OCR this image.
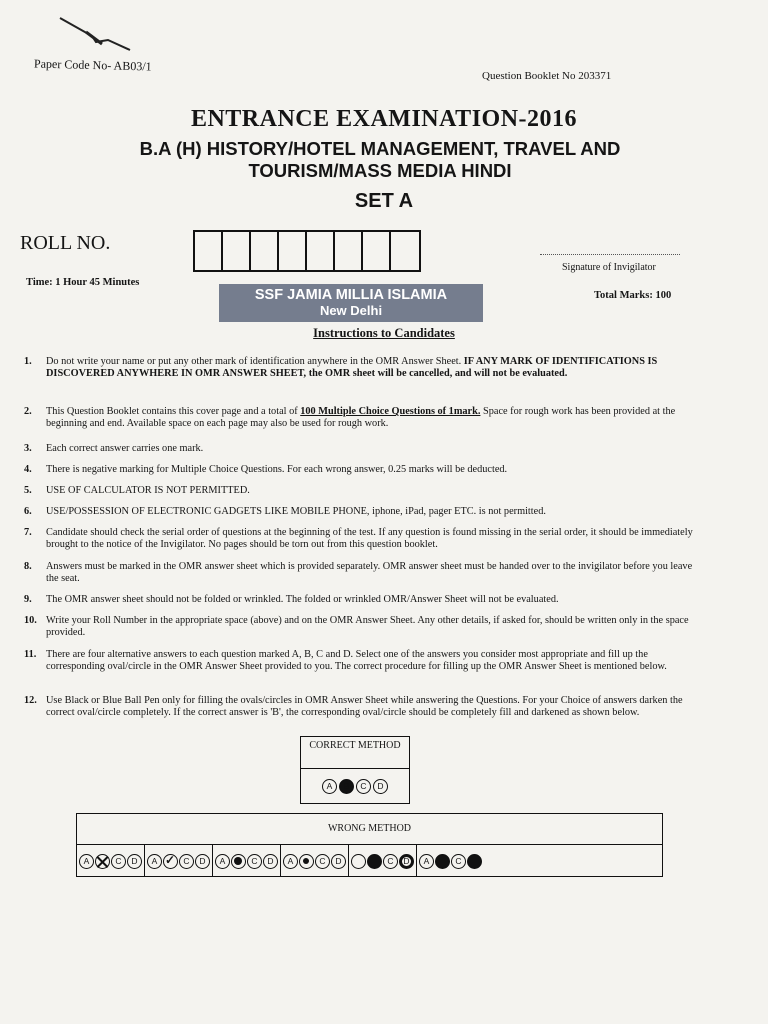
Paper Code No- AB03/1
Question Booklet No 203371
ENTRANCE EXAMINATION-2016
B.A (H) HISTORY/HOTEL MANAGEMENT, TRAVEL AND TOURISM/MASS MEDIA HINDI
SET A
ROLL NO.
Signature of Invigilator
Time: 1 Hour 45 Minutes
Total Marks: 100
SSF JAMIA MILLIA ISLAMIA
New Delhi
Instructions to Candidates
1.	Do not write your name or put any other mark of identification anywhere in the OMR Answer Sheet. IF ANY MARK OF IDENTIFICATIONS IS DISCOVERED ANYWHERE IN OMR ANSWER SHEET, the OMR sheet will be cancelled, and will not be evaluated.
2.	This Question Booklet contains this cover page and a total of 100 Multiple Choice Questions of 1mark. Space for rough work has been provided at the beginning and end. Available space on each page may also be used for rough work.
3.	Each correct answer carries one mark.
4.	There is negative marking for Multiple Choice Questions. For each wrong answer, 0.25 marks will be deducted.
5.	USE OF CALCULATOR IS NOT PERMITTED.
6.	USE/POSSESSION OF ELECTRONIC GADGETS LIKE MOBILE PHONE, iphone, iPad, pager ETC. is not permitted.
7.	Candidate should check the serial order of questions at the beginning of the test. If any question is found missing in the serial order, it should be immediately brought to the notice of the Invigilator. No pages should be torn out from this question booklet.
8.	Answers must be marked in the OMR answer sheet which is provided separately. OMR answer sheet must be handed over to the invigilator before you leave the seat.
9.	The OMR answer sheet should not be folded or wrinkled. The folded or wrinkled OMR/Answer Sheet will not be evaluated.
10. Write your Roll Number in the appropriate space (above) and on the OMR Answer Sheet. Any other details, if asked for, should be written only in the space provided.
11. There are four alternative answers to each question marked A, B, C and D. Select one of the answers you consider most appropriate and fill up the corresponding oval/circle in the OMR Answer Sheet provided to you. The correct procedure for filling up the OMR Answer Sheet is mentioned below.
12. Use Black or Blue Ball Pen only for filling the ovals/circles in OMR Answer Sheet while answering the Questions. For your Choice of answers darken the correct oval/circle completely. If the correct answer is 'B', the corresponding oval/circle should be completely fill and darkened as shown below.
CORRECT METHOD
A	B	C	D
WRONG METHOD
A	C	D	A
✓	C	D	A	C	D	A	C	D	C	D	A	C
